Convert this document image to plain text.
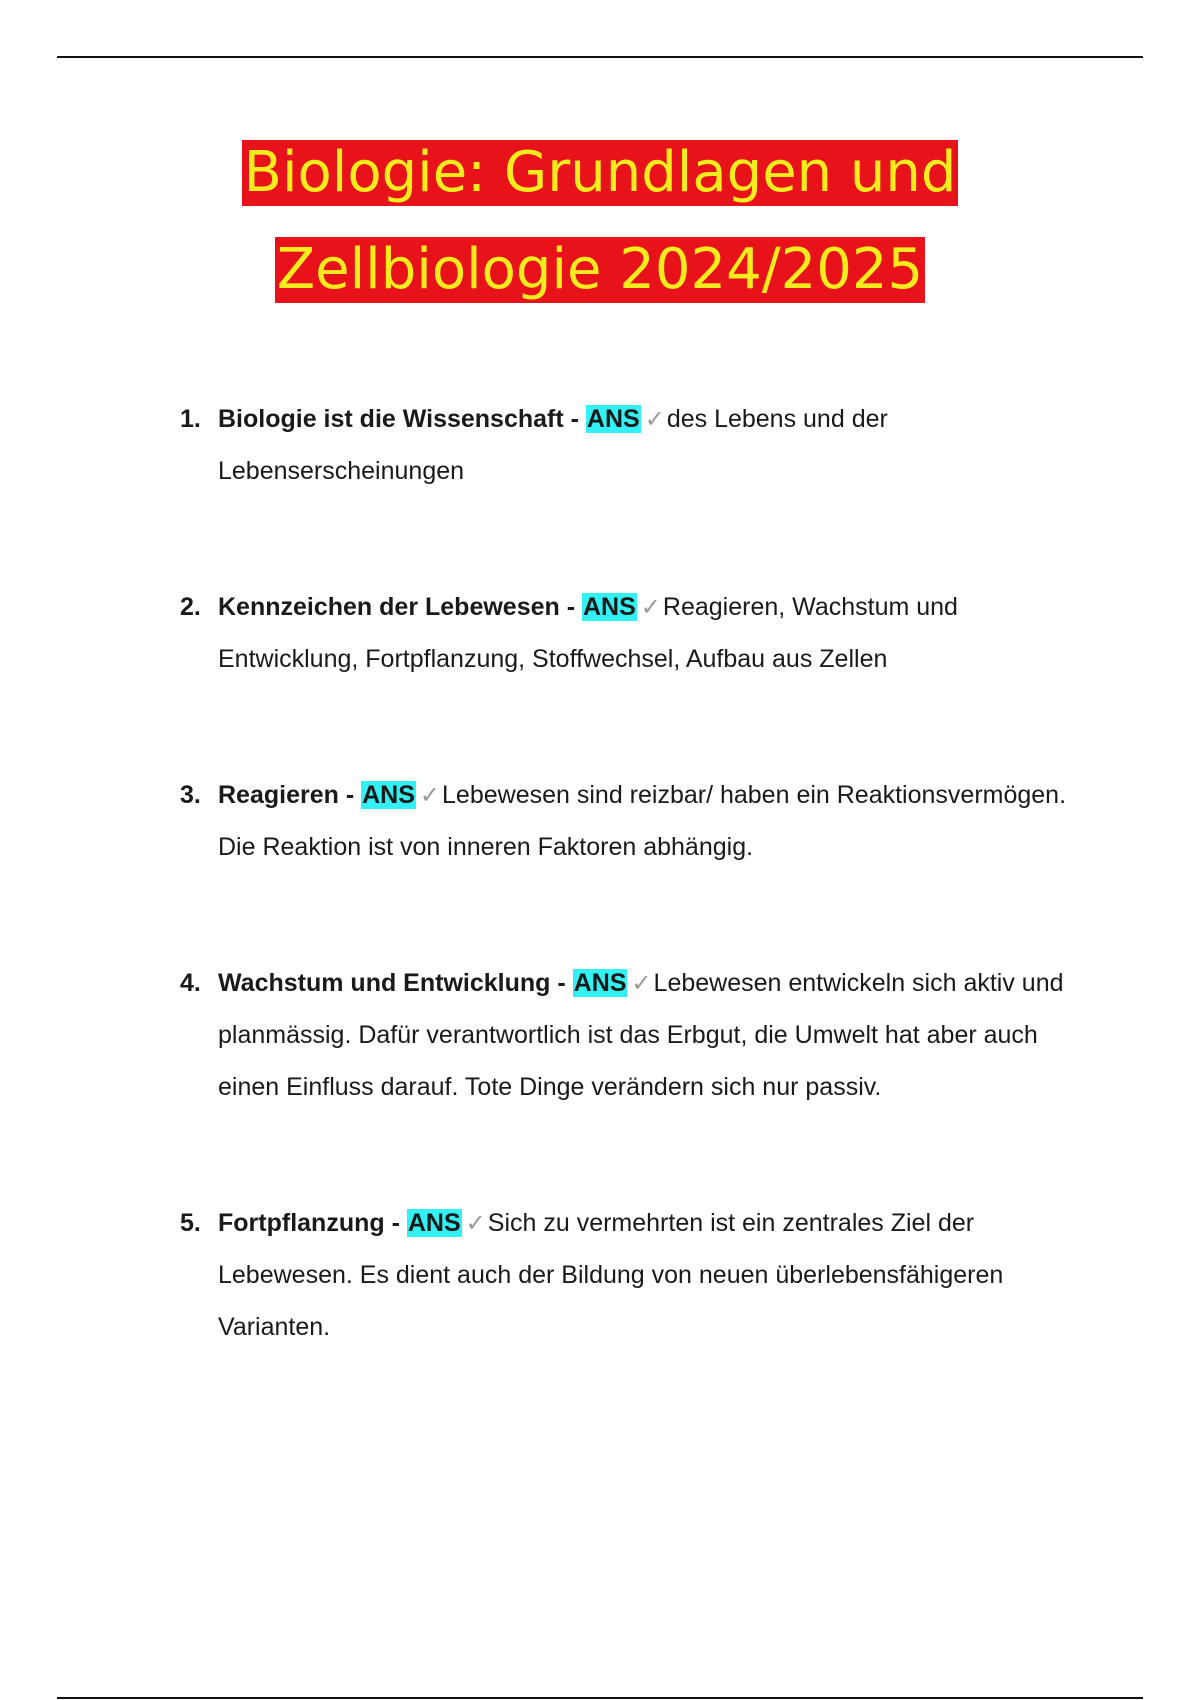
Biologie: Grundlagen und
Zellbiologie 2024/2025
1. Biologie ist die Wissenschaft - ANS ✓des Lebens und der Lebenserscheinungen
2. Kennzeichen der Lebewesen - ANS ✓Reagieren, Wachstum und Entwicklung, Fortpflanzung, Stoffwechsel, Aufbau aus Zellen
3. Reagieren - ANS ✓Lebewesen sind reizbar/ haben ein Reaktionsvermögen. Die Reaktion ist von inneren Faktoren abhängig.
4. Wachstum und Entwicklung - ANS ✓Lebewesen entwickeln sich aktiv und planmässig. Dafür verantwortlich ist das Erbgut, die Umwelt hat aber auch einen Einfluss darauf. Tote Dinge verändern sich nur passiv.
5. Fortpflanzung - ANS ✓Sich zu vermehrten ist ein zentrales Ziel der Lebewesen. Es dient auch der Bildung von neuen überlebensfähigeren Varianten.
